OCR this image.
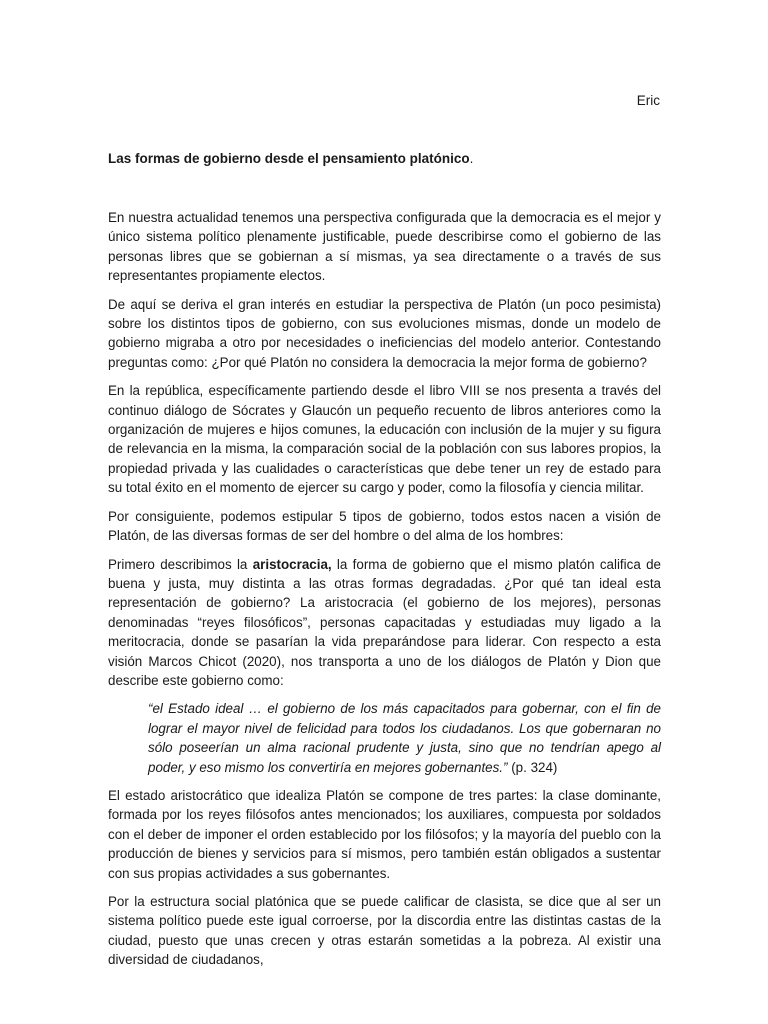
Eric
Las formas de gobierno desde el pensamiento platónico.

En nuestra actualidad tenemos una perspectiva configurada que la democracia es el mejor y único sistema político plenamente justificable, puede describirse como el gobierno de las personas libres que se gobiernan a sí mismas, ya sea directamente o a través de sus representantes propiamente electos.

De aquí se deriva el gran interés en estudiar la perspectiva de Platón (un poco pesimista) sobre los distintos tipos de gobierno, con sus evoluciones mismas, donde un modelo de gobierno migraba a otro por necesidades o ineficiencias del modelo anterior. Contestando preguntas como: ¿Por qué Platón no considera la democracia la mejor forma de gobierno?

En la república, específicamente partiendo desde el libro VIII se nos presenta a través del continuo diálogo de Sócrates y Glaucón un pequeño recuento de libros anteriores como la organización de mujeres e hijos comunes, la educación con inclusión de la mujer y su figura de relevancia en la misma, la comparación social de la población con sus labores propios, la propiedad privada y las cualidades o características que debe tener un rey de estado para su total éxito en el momento de ejercer su cargo y poder, como la filosofía y ciencia militar.

Por consiguiente, podemos estipular 5 tipos de gobierno, todos estos nacen a visión de Platón, de las diversas formas de ser del hombre o del alma de los hombres:

Primero describimos la aristocracia, la forma de gobierno que el mismo platón califica de buena y justa, muy distinta a las otras formas degradadas. ¿Por qué tan ideal esta representación de gobierno? La aristocracia (el gobierno de los mejores), personas denominadas “reyes filosóficos”, personas capacitadas y estudiadas muy ligado a la meritocracia, donde se pasarían la vida preparándose para liderar. Con respecto a esta visión Marcos Chicot (2020), nos transporta a uno de los diálogos de Platón y Dion que describe este gobierno como:

“el Estado ideal … el gobierno de los más capacitados para gobernar, con el fin de lograr el mayor nivel de felicidad para todos los ciudadanos. Los que gobernaran no sólo poseerían un alma racional prudente y justa, sino que no tendrían apego al poder, y eso mismo los convertiría en mejores gobernantes.” (p. 324)

El estado aristocrático que idealiza Platón se compone de tres partes: la clase dominante, formada por los reyes filósofos antes mencionados; los auxiliares, compuesta por soldados con el deber de imponer el orden establecido por los filósofos; y la mayoría del pueblo con la producción de bienes y servicios para sí mismos, pero también están obligados a sustentar con sus propias actividades a sus gobernantes.

Por la estructura social platónica que se puede calificar de clasista, se dice que al ser un sistema político puede este igual corroerse, por la discordia entre las distintas castas de la ciudad, puesto que unas crecen y otras estarán sometidas a la pobreza. Al existir una diversidad de ciudadanos,
